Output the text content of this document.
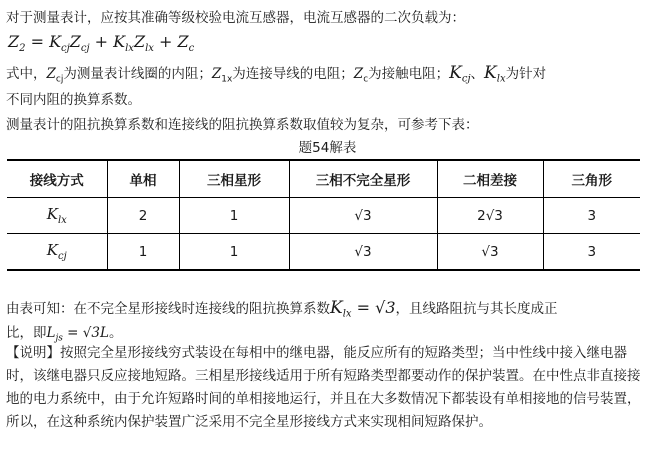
对于测量表计，应按其准确等级校验电流互感器，电流互感器的二次负载为：
$Z_2 = K_{cj}Z_{cj} + K_{lx}Z_{lx} + Z_c$
式中，$Z_{cj}$为测量表计线圈的内阻；$Z_{1x}$为连接导线的电阻；$Z_c$为接触电阻；$K_{cj}$、$K_{lx}$为针对
不同内阻的换算系数。
测量表计的阻抗换算系数和连接线的阻抗换算系数取值较为复杂，可参考下表：
题54解表
接线方式	单相	三相星形	三相不完全星形	二相差接	三角形
$K_{lx}$	2	1	√3	2√3	3
$K_{cj}$	1	1	√3	√3	3
由表可知：在不完全星形接线时连接线的阻抗换算系数$K_{lx} = √3$，且线路阻抗与其长度成正
比，即$L_{js} = √3L$。
【说明】按照完全星形接线穷式装设在每相中的继电器，能反应所有的短路类型；当中性线中接入继电器时，该继电器只反应接地短路。三相星形接线适用于所有短路类型都要动作的保护装置。在中性点非直接接地的电力系统中，由于允许短路时间的单相接地运行，并且在大多数情况下都装设有单相接地的信号装置，所以，在这种系统内保护装置广泛采用不完全星形接线方式来实现相间短路保护。
